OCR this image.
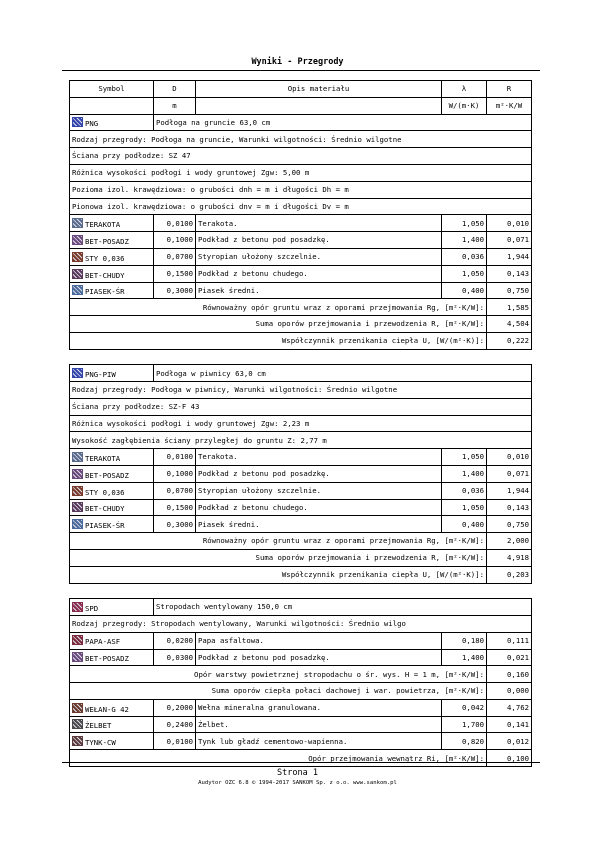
Wyniki - Przegrody
Symbol	D	Opis materiału	λ	R
	m		W/(m·K)	m²·K/W
PNG	Podłoga na gruncie 63,0 cm			
Rodzaj przegrody: Podłoga na gruncie, Warunki wilgotności: Średnio wilgotne				
Ściana przy podłodze: SZ 47				
Różnica wysokości podłogi i wody gruntowej Zgw: 5,00 m				
Pozioma izol. krawędziowa: o grubości dnh = m i długości Dh = m				
Pionowa izol. krawędziowa: o grubości dnv = m i długości Dv = m				
TERAKOTA	0,0100	Terakota.	1,050	0,010
BET-POSADZ	0,1000	Podkład z betonu pod posadzkę.	1,400	0,071
STY 0,036	0,0700	Styropian ułożony szczelnie.	0,036	1,944
BET-CHUDY	0,1500	Podkład z betonu chudego.	1,050	0,143
PIASEK-ŚR	0,3000	Piasek średni.	0,400	0,750
Równoważny opór gruntu wraz z oporami przejmowania Rg, [m²·K/W]:				1,585
Suma oporów przejmowania i przewodzenia R, [m²·K/W]:				4,504
Współczynnik przenikania ciepła U, [W/(m²·K)]:				0,222

PNG-PIW	Podłoga w piwnicy 63,0 cm			
Rodzaj przegrody: Podłoga w piwnicy, Warunki wilgotności: Średnio wilgotne				
Ściana przy podłodze: SZ-F 43				
Różnica wysokości podłogi i wody gruntowej Zgw: 2,23 m				
Wysokość zagłębienia ściany przyległej do gruntu Z: 2,77 m				
TERAKOTA	0,0100	Terakota.	1,050	0,010
BET-POSADZ	0,1000	Podkład z betonu pod posadzkę.	1,400	0,071
STY 0,036	0,0700	Styropian ułożony szczelnie.	0,036	1,944
BET-CHUDY	0,1500	Podkład z betonu chudego.	1,050	0,143
PIASEK-ŚR	0,3000	Piasek średni.	0,400	0,750
Równoważny opór gruntu wraz z oporami przejmowania Rg, [m²·K/W]:				2,000
Suma oporów przejmowania i przewodzenia R, [m²·K/W]:				4,918
Współczynnik przenikania ciepła U, [W/(m²·K)]:				0,203

SPD	Stropodach wentylowany 150,0 cm			
Rodzaj przegrody: Stropodach wentylowany, Warunki wilgotności: Średnio wilgo				
PAPA-ASF	0,0200	Papa asfaltowa.	0,180	0,111
BET-POSADZ	0,0300	Podkład z betonu pod posadzkę.	1,400	0,021
Opór warstwy powietrznej stropodachu o śr. wys. H = 1 m, [m²·K/W]:				0,160
Suma oporów ciepła połaci dachowej i war. powietrza, [m²·K/W]:				0,000
WEŁAN-G 42	0,2000	Wełna mineralna granulowana.	0,042	4,762
ŻELBET	0,2400	Żelbet.	1,700	0,141
TYNK-CW	0,0100	Tynk lub gładź cementowo-wapienna.	0,820	0,012
Opór przejmowania wewnątrz Ri, [m²·K/W]:				0,100
Strona 1
Audytor OZC 6.8 © 1994-2017 SANKOM Sp. z o.o. www.sankom.pl
